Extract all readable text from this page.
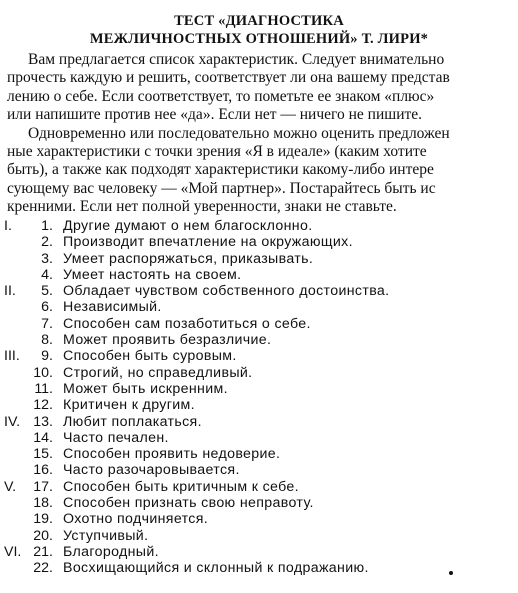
ТЕСТ «ДИАГНОСТИКА
МЕЖЛИЧНОСТНЫХ ОТНОШЕНИЙ» Т. ЛИРИ*
Вам предлагается список характеристик. Следует внимательно
прочесть каждую и решить, соответствует ли она вашему представ
лению о себе. Если соответствует, то пометьте ее знаком «плюс»
или напишите против нее «да». Если нет — ничего не пишите.
Одновременно или последовательно можно оценить предложен
ные характеристики с точки зрения «Я в идеале» (каким хотите
быть), а также как подходят характеристики какому-либо интере
сующему вас человеку — «Мой партнер». Постарайтесь быть ис
кренними. Если нет полной уверенности, знаки не ставьте.
I.	1. Другие думают о нем благосклонно.
2. Производит впечатление на окружающих.
3. Умеет распоряжаться, приказывать.
4. Умеет настоять на своем.
II.	5. Обладает чувством собственного достоинства.
6. Независимый.
7. Способен сам позаботиться о себе.
8. Может проявить безразличие.
III.	9. Способен быть суровым.
10. Строгий, но справедливый.
11. Может быть искренним.
12. Критичен к другим.
IV. 13. Любит поплакаться.
14. Часто печален.
15. Способен проявить недоверие.
16. Часто разочаровывается.
V.	17. Способен быть критичным к себе.
18. Способен признать свою неправоту.
19. Охотно подчиняется.
20. Уступчивый.
VI. 21. Благородный.
22. Восхищающийся и склонный к подражанию.
